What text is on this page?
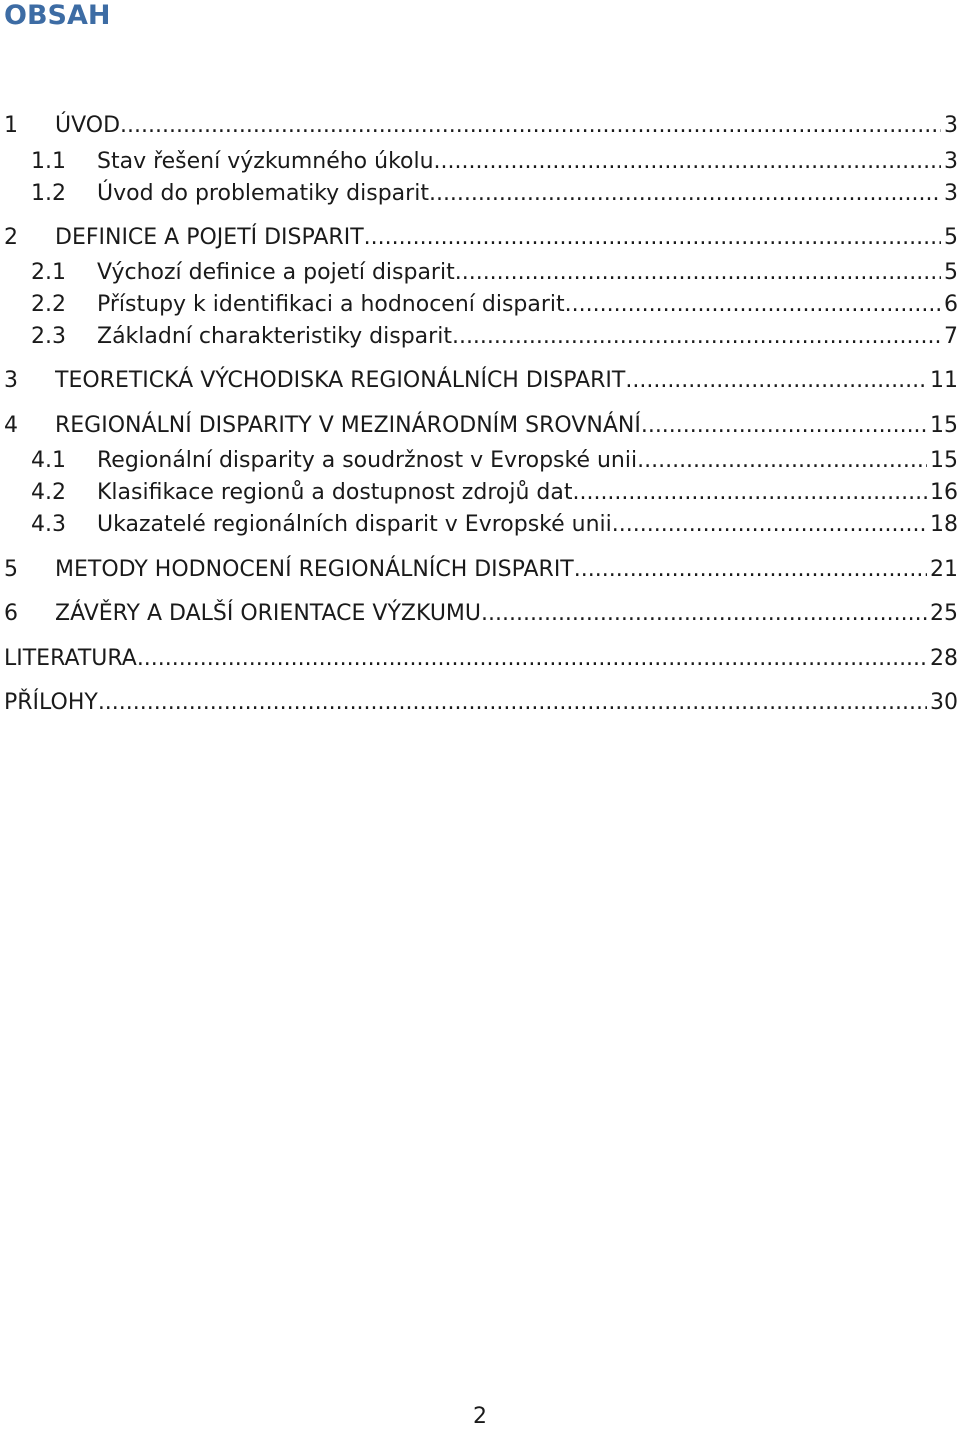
OBSAH
1 ÚVOD .....	3
1.1 Stav řešení výzkumného úkolu .....	3
1.2 Úvod do problematiky disparit .....	3
2 DEFINICE A POJETÍ DISPARIT .....	5
2.1 Výchozí definice a pojetí disparit .....	5
2.2 Přístupy k identifikaci a hodnocení disparit .....	6
2.3 Základní charakteristiky disparit .....	7
3 TEORETICKÁ VÝCHODISKA REGIONÁLNÍCH DISPARIT .....	11
4 REGIONÁLNÍ DISPARITY V MEZINÁRODNÍM SROVNÁNÍ .....	15
4.1 Regionální disparity a soudržnost v Evropské unii .....	15
4.2 Klasifikace regionů a dostupnost zdrojů dat .....	16
4.3 Ukazatelé regionálních disparit v Evropské unii .....	18
5 METODY HODNOCENÍ REGIONÁLNÍCH DISPARIT .....	21
6 ZÁVĚRY A DALŠÍ ORIENTACE VÝZKUMU .....	25
LITERATURA .....	28
PŘÍLOHY .....	30
2
